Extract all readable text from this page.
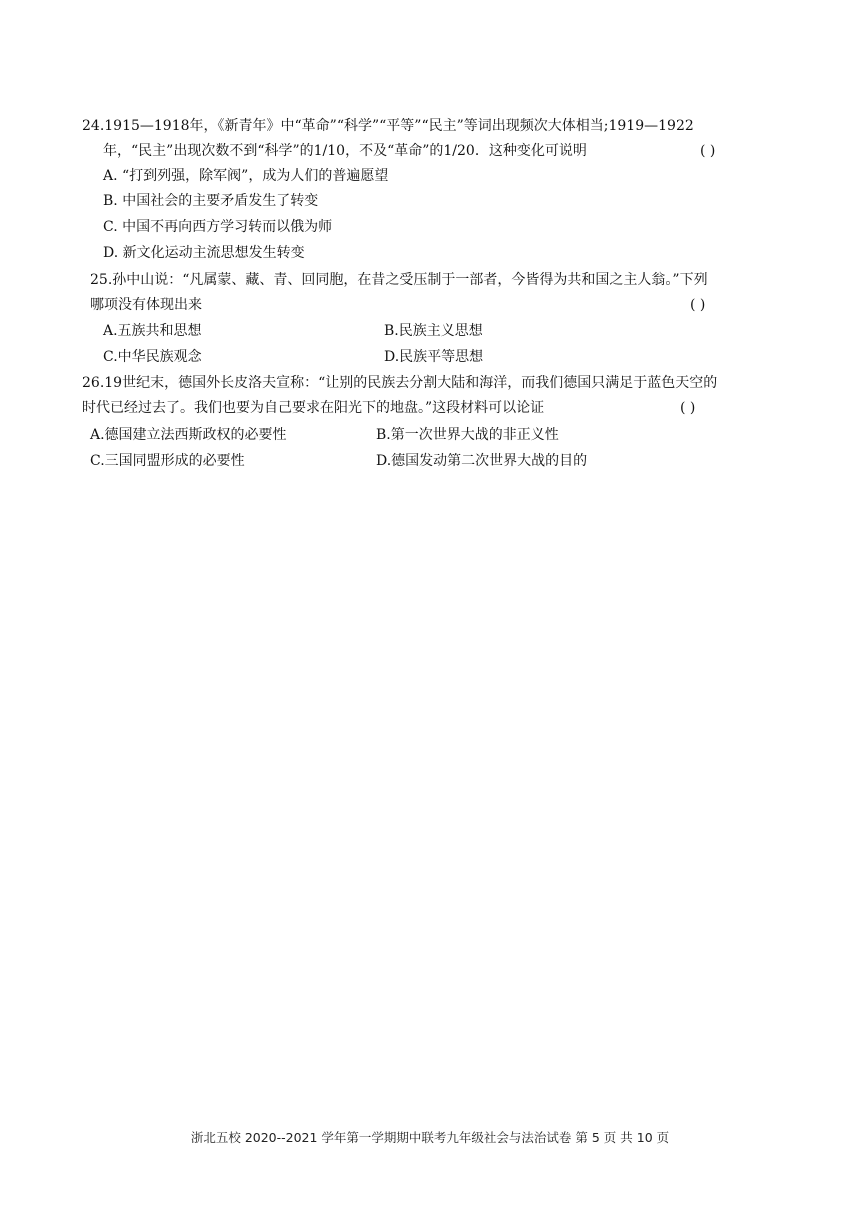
24.1915—1918年，《新青年》中“革命”“科学”“平等”“民主”等词出现频次大体相当;1919—1922
年，“民主”出现次数不到“科学”的1/10，不及“革命”的1/20．这种变化可说明	( )
A. “打到列强，除军阀”，成为人们的普遍愿望
B. 中国社会的主要矛盾发生了转变
C. 中国不再向西方学习转而以俄为师
D. 新文化运动主流思想发生转变
25.孙中山说：“凡属蒙、藏、青、回同胞，在昔之受压制于一部者，今皆得为共和国之主人翁。”下列
哪项没有体现出来	( )
A.五族共和思想	B.民族主义思想
C.中华民族观念	D.民族平等思想
26.19世纪末，德国外长皮洛夫宣称：“让别的民族去分割大陆和海洋，而我们德国只满足于蓝色天空的
时代已经过去了。我们也要为自己要求在阳光下的地盘。”这段材料可以论证	( )
A.德国建立法西斯政权的必要性	B.第一次世界大战的非正义性
C.三国同盟形成的必要性	D.德国发动第二次世界大战的目的
浙北五校 2020--2021 学年第一学期期中联考九年级社会与法治试卷 第 5 页 共 10 页
